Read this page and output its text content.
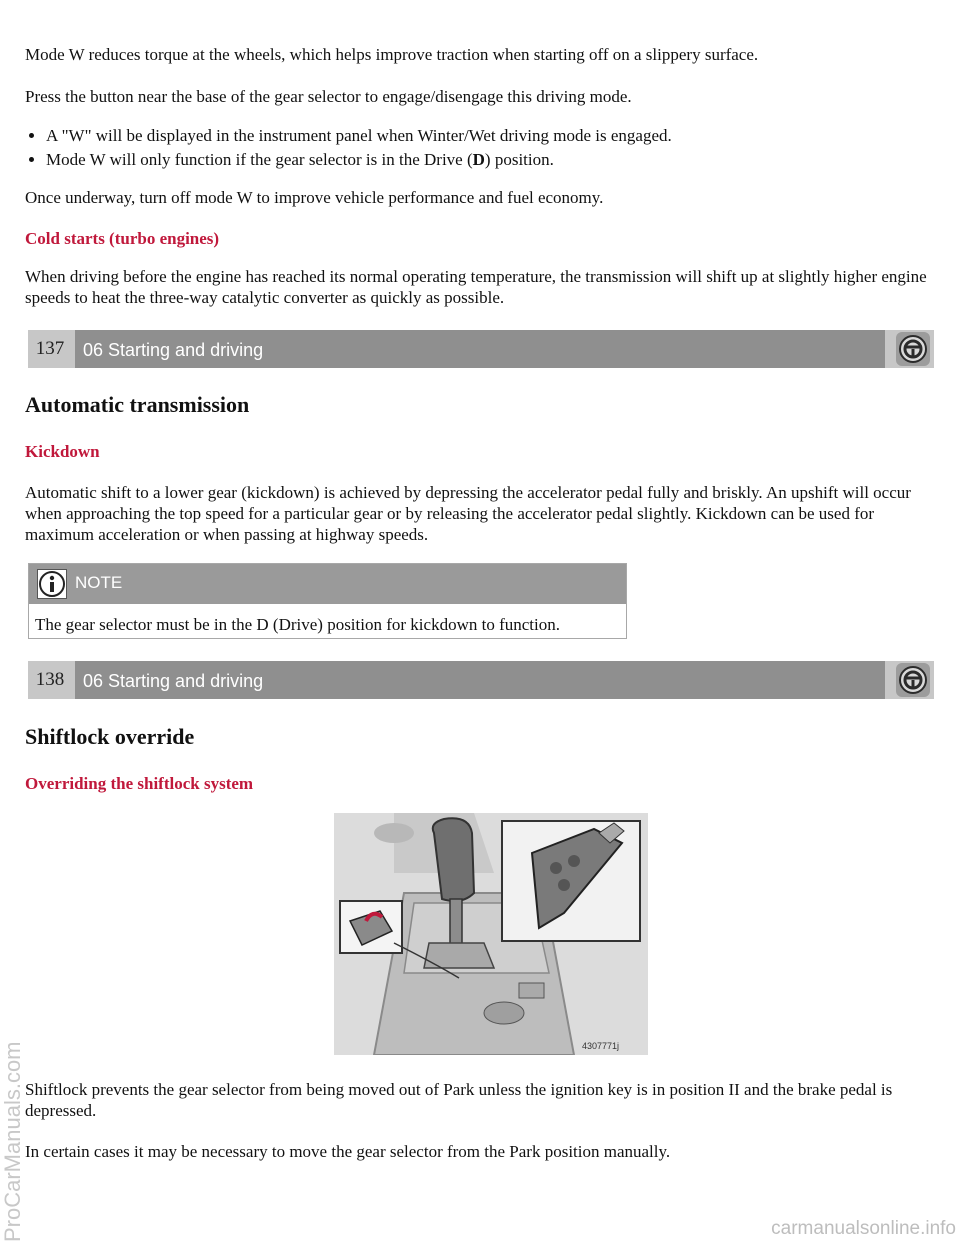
Mode W reduces torque at the wheels, which helps improve traction when starting off on a slippery surface.

Press the button near the base of the gear selector to engage/disengage this driving mode.

• A "W" will be displayed in the instrument panel when Winter/Wet driving mode is engaged.
• Mode W will only function if the gear selector is in the Drive (D) position.

Once underway, turn off mode W to improve vehicle performance and fuel economy.

Cold starts (turbo engines)

When driving before the engine has reached its normal operating temperature, the transmission will shift up at slightly higher engine speeds to heat the three-way catalytic converter as quickly as possible.

137	06 Starting and driving
Automatic transmission

Kickdown

Automatic shift to a lower gear (kickdown) is achieved by depressing the accelerator pedal fully and briskly. An upshift will occur when approaching the top speed for a particular gear or by releasing the accelerator pedal slightly. Kickdown can be used for maximum acceleration or when passing at highway speeds.

NOTE

The gear selector must be in the D (Drive) position for kickdown to function.

138	06 Starting and driving
Shiftlock override

Overriding the shiftlock system

4307771j

Shiftlock prevents the gear selector from being moved out of Park unless the ignition key is in position II and the brake pedal is depressed.

In certain cases it may be necessary to move the gear selector from the Park position manually.

ProCarManuals.com	carmanualsonline.info
